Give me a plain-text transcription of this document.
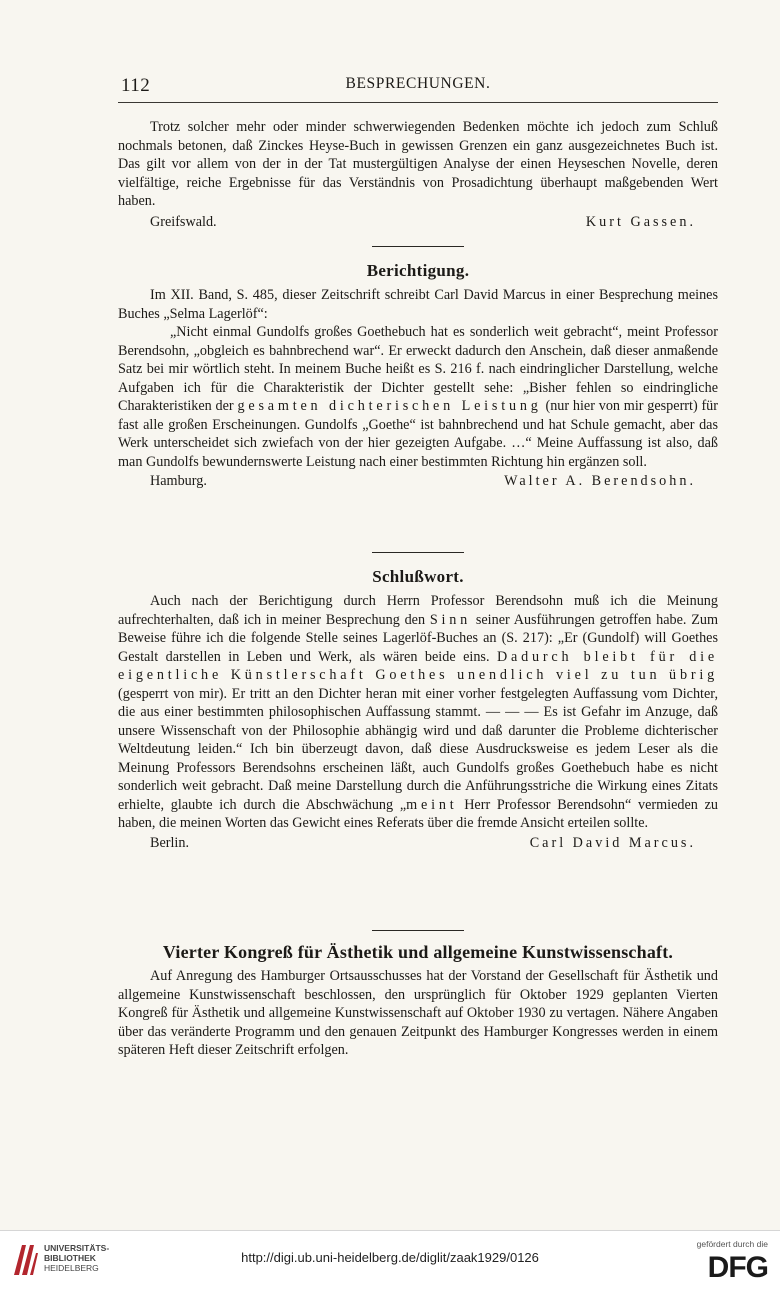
112	BESPRECHUNGEN.

Trotz solcher mehr oder minder schwerwiegenden Bedenken möchte ich jedoch zum Schluß nochmals betonen, daß Zinckes Heyse-Buch in gewissen Grenzen ein ganz ausgezeichnetes Buch ist. Das gilt vor allem von der in der Tat mustergültigen Analyse der einen Heyseschen Novelle, deren vielfältige, reiche Ergebnisse für das Verständnis von Prosadichtung überhaupt maßgebenden Wert haben.

Greifswald.	Kurt Gassen.
Berichtigung.

Im XII. Band, S. 485, dieser Zeitschrift schreibt Carl David Marcus in einer Besprechung meines Buches „Selma Lagerlöf“:

„Nicht einmal Gundolfs großes Goethebuch hat es sonderlich weit gebracht“, meint Professor Berendsohn, „obgleich es bahnbrechend war“. Er erweckt dadurch den Anschein, daß dieser anmaßende Satz bei mir wörtlich steht. In meinem Buche heißt es S. 216 f. nach eindringlicher Darstellung, welche Aufgaben ich für die Charakteristik der Dichter gestellt sehe: „Bisher fehlen so eindringliche Charakteristiken der gesamten dichterischen Leistung (nur hier von mir gesperrt) für fast alle großen Erscheinungen. Gundolfs „Goethe“ ist bahnbrechend und hat Schule gemacht, aber das Werk unterscheidet sich zwiefach von der hier gezeigten Aufgabe. …“ Meine Auffassung ist also, daß man Gundolfs bewundernswerte Leistung nach einer bestimmten Richtung hin ergänzen soll.

Hamburg.	Walter A. Berendsohn.
Schlußwort.

Auch nach der Berichtigung durch Herrn Professor Berendsohn muß ich die Meinung aufrechterhalten, daß ich in meiner Besprechung den Sinn seiner Ausführungen getroffen habe. Zum Beweise führe ich die folgende Stelle seines Lagerlöf-Buches an (S. 217): „Er (Gundolf) will Goethes Gestalt darstellen in Leben und Werk, als wären beide eins. Dadurch bleibt für die eigentliche Künstlerschaft Goethes unendlich viel zu tun übrig (gesperrt von mir). Er tritt an den Dichter heran mit einer vorher festgelegten Auffassung vom Dichter, die aus einer bestimmten philosophischen Auffassung stammt. — — — Es ist Gefahr im Anzuge, daß unsere Wissenschaft von der Philosophie abhängig wird und daß darunter die Probleme dichterischer Weltdeutung leiden.“ Ich bin überzeugt davon, daß diese Ausdrucksweise es jedem Leser als die Meinung Professors Berendsohns erscheinen läßt, auch Gundolfs großes Goethebuch habe es nicht sonderlich weit gebracht. Daß meine Darstellung durch die Anführungsstriche die Wirkung eines Zitats erhielte, glaubte ich durch die Abschwächung „meint Herr Professor Berendsohn“ vermieden zu haben, die meinen Worten das Gewicht eines Referats über die fremde Ansicht erteilen sollte.

Berlin.	Carl David Marcus.
Vierter Kongreß für Ästhetik und allgemeine Kunstwissenschaft.

Auf Anregung des Hamburger Ortsausschusses hat der Vorstand der Gesellschaft für Ästhetik und allgemeine Kunstwissenschaft beschlossen, den ursprünglich für Oktober 1929 geplanten Vierten Kongreß für Ästhetik und allgemeine Kunstwissenschaft auf Oktober 1930 zu vertagen. Nähere Angaben über das veränderte Programm und den genauen Zeitpunkt des Hamburger Kongresses werden in einem späteren Heft dieser Zeitschrift erfolgen.

UNIVERSITÄTS-
BIBLIOTHEK
HEIDELBERG
http://digi.ub.uni-heidelberg.de/diglit/zaak1929/0126
gefördert durch die
DFG
